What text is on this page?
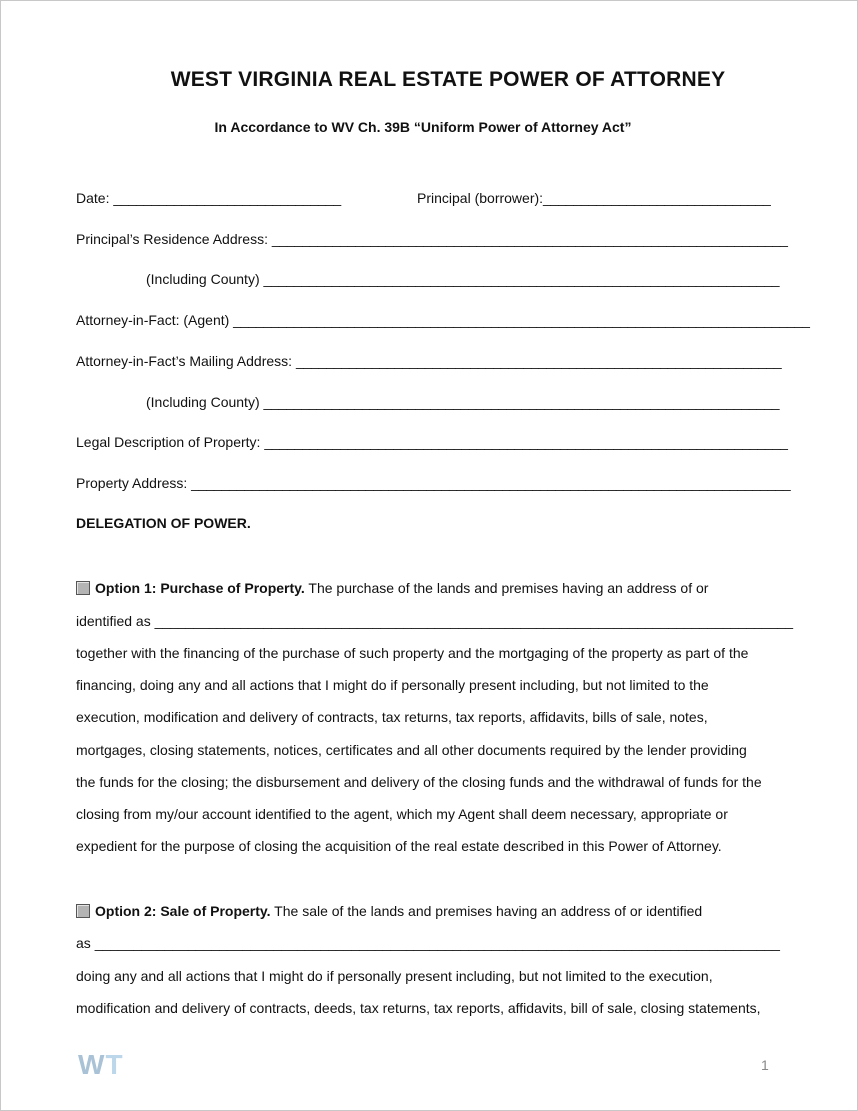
WEST VIRGINIA REAL ESTATE POWER OF ATTORNEY

In Accordance to WV Ch. 39B “Uniform Power of Attorney Act”

Date: ______________________________	Principal (borrower):______________________________
Principal’s Residence Address: ____________________________________________________________________
(Including County) ____________________________________________________________________
Attorney-in-Fact: (Agent) ____________________________________________________________________________
Attorney-in-Fact’s Mailing Address: ________________________________________________________________
(Including County) ____________________________________________________________________
Legal Description of Property: _____________________________________________________________________
Property Address: _______________________________________________________________________________
DELEGATION OF POWER.
Option 1: Purchase of Property. The purchase of the lands and premises having an address of or
identified as __________________________________________________________________________________
together with the financing of the purchase of such property and the mortgaging of the property as part of the
financing, doing any and all actions that I might do if personally present including, but not limited to the
execution, modification and delivery of contracts, tax returns, tax reports, affidavits, bills of sale, notes,
mortgages, closing statements, notices, certificates and all other documents required by the lender providing
the funds for the closing; the disbursement and delivery of the closing funds and the withdrawal of funds for the
closing from my/our account identified to the agent, which my Agent shall deem necessary, appropriate or
expedient for the purpose of closing the acquisition of the real estate described in this Power of Attorney.
Option 2: Sale of Property. The sale of the lands and premises having an address of or identified
as ________________________________________________________________________________________
doing any and all actions that I might do if personally present including, but not limited to the execution,
modification and delivery of contracts, deeds, tax returns, tax reports, affidavits, bill of sale, closing statements,
WT	1
